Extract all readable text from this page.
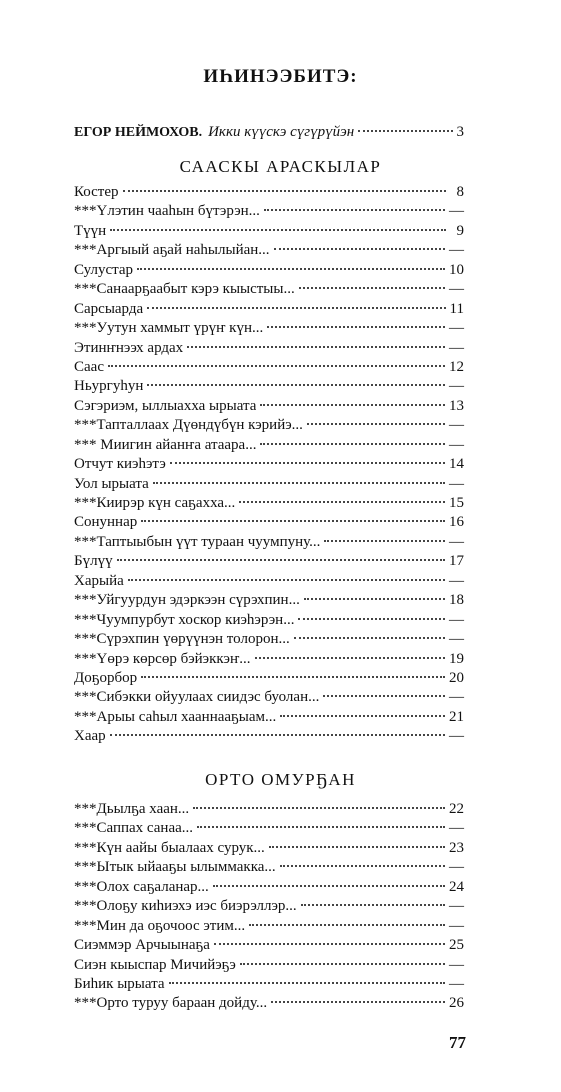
ИҺИНЭЭБИТЭ:
ЕГОР НЕЙМОХОВ. Икки күүскэ сүгүрүйэн	3
СААСКЫ АРАСКЫЛАР
Костер	8
***Үлэтин чааһын бүтэрэн...	—
Түүн	9
***Аргыый аҕай наһылыйан...	—
Сулустар	10
***Санаарҕаабыт кэрэ кыыстыы...	—
Сарсыарда	11
***Уутун хаммыт үрүҥ күн...	—
Этинҥнээх ардах	—
Саас	12
Ньургуһун	—
Сэгэриэм, ыллыахха ырыата	13
***Тапталлаах Дүөндүбүн кэрийэ...	—
*** Миигин айанҥа атаара...	—
Отчут киэһэтэ	14
Уол ырыата	—
***Киирэр күн саҕахха...	15
Сонуннар	16
***Таптыыбын үүт тураан чуумпуну...	—
Бүлүү	17
Харыйа	—
***Уйгуурдун эдэркээн сүрэхпин...	18
***Чуумпурбут хоскор киэһэрэн...	—
***Сүрэхпин үөрүүнэн толорон...	—
***Үөрэ көрсөр бэйэккэҥ...	19
Доҕорбор	20
***Сибэкки ойуулаах сиидэс буолан...	—
***Арыы саһыл хааннааҕыам...	21
Хаар	—
ОРТО ОМУРҔАН
***Дьылҕа хаан...	22
***Саппах санаа...	—
***Күн аайы быалаах сурук...	23
***Ытык ыйааҕы ылыммакка...	—
***Олох саҕаланар...	24
***Олоҕу киһиэхэ иэс биэрэллэр...	—
***Мин да оҕочоос этим...	—
Сиэммэр Арчыынаҕа	25
Сиэн кыыспар Мичийэҕэ	—
Биһик ырыата	—
***Орто туруу бараан дойду...	26
77
